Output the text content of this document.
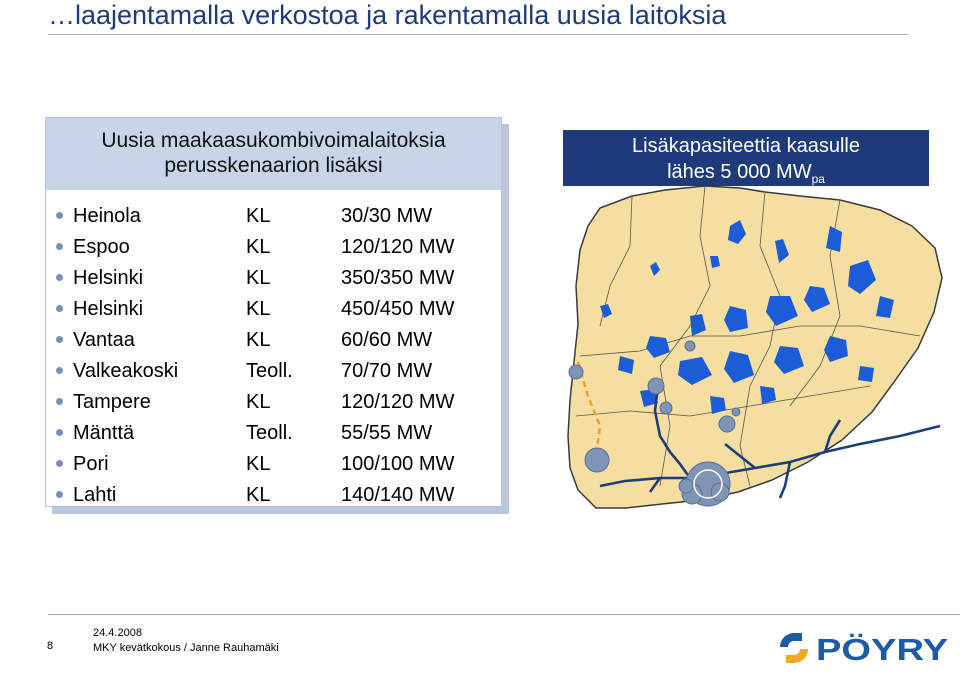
…laajentamalla verkostoa ja rakentamalla uusia laitoksia
Uusia maakaasukombivoimalaitoksia
perusskenaarion lisäksi
Heinola	KL	30/30 MW
Espoo	KL	120/120 MW
Helsinki	KL	350/350 MW
Helsinki	KL	450/450 MW
Vantaa	KL	60/60 MW
Valkeakoski	Teoll. 70/70 MW
Tampere	KL	120/120 MW
Mänttä	Teoll. 55/55 MW
Pori	KL	100/100 MW
Lahti	KL	140/140 MW
Lisäkapasiteettia kaasulle
lähes 5 000 $MW_{pa}$
8
24.4.2008
MKY kevätkokous / Janne Rauhamäki	PÖYRY
